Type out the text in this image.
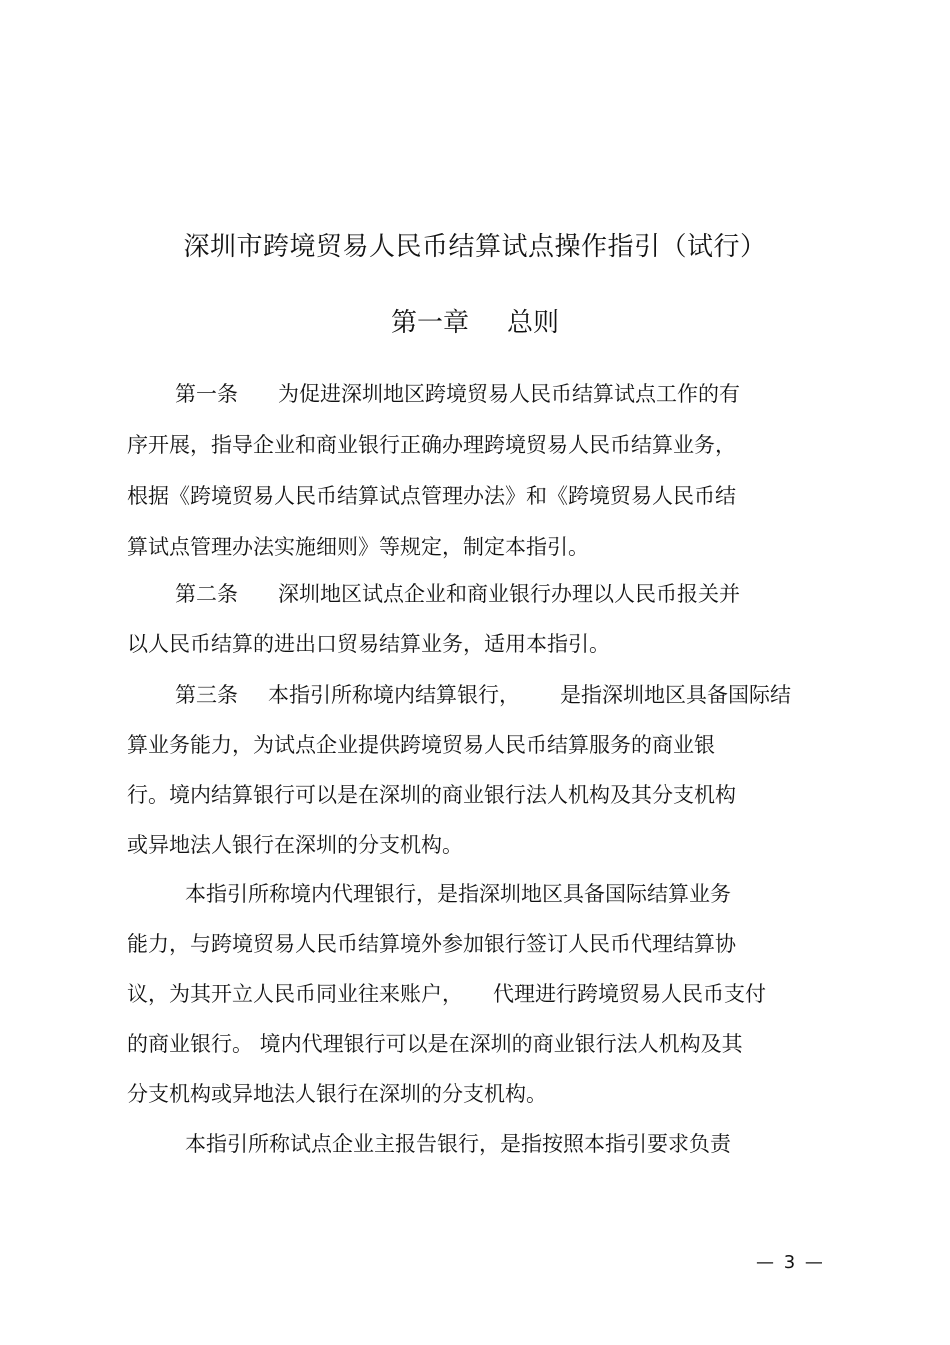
深圳市跨境贸易人民币结算试点操作指引（试行）
第一章 总则
第一条 为促进深圳地区跨境贸易人民币结算试点工作的有
序开展，指导企业和商业银行正确办理跨境贸易人民币结算业务，
根据《跨境贸易人民币结算试点管理办法》和《跨境贸易人民币结
算试点管理办法实施细则》等规定，制定本指引。
第二条 深圳地区试点企业和商业银行办理以人民币报关并
以人民币结算的进出口贸易结算业务，适用本指引。
第三条 本指引所称境内结算银行， 是指深圳地区具备国际结
算业务能力，为试点企业提供跨境贸易人民币结算服务的商业银
行。境内结算银行可以是在深圳的商业银行法人机构及其分支机构
或异地法人银行在深圳的分支机构。
本指引所称境内代理银行，是指深圳地区具备国际结算业务
能力，与跨境贸易人民币结算境外参加银行签订人民币代理结算协
议，为其开立人民币同业往来账户， 代理进行跨境贸易人民币支付
的商业银行。 境内代理银行可以是在深圳的商业银行法人机构及其
分支机构或异地法人银行在深圳的分支机构。
本指引所称试点企业主报告银行，是指按照本指引要求负责
— 3 —
